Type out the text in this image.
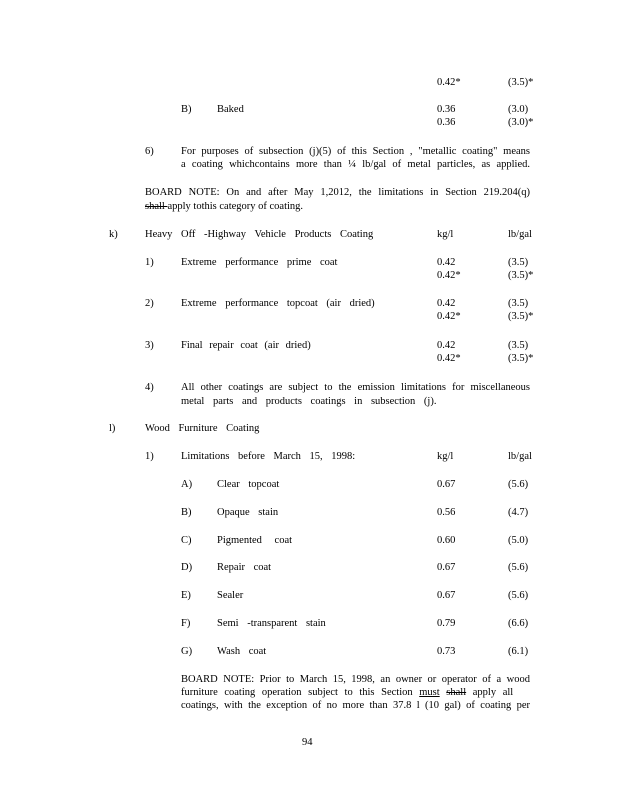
0.42*	(3.5)*
B) Baked	0.36	(3.0)
0.36	(3.0)*
6)	For purposes of subsection (j)(5) of this Section , "metallic coating" means
a coating whichcontains more than ¼ lb/gal of metal particles, as applied.
BOARD NOTE: On and after May 1,2012, the limitations in Section 219.204(q)
shall apply tothis category of coating.
k)	Heavy Off -Highway Vehicle Products Coating	kg/l	lb/gal
1)	Extreme performance prime coat	0.42	(3.5)
0.42*	(3.5)*
2)	Extreme performance topcoat (air dried)	0.42	(3.5)
0.42*	(3.5)*
3)	Final repair coat (air dried)	0.42	(3.5)
0.42*	(3.5)*
4)	All other coatings are subject to the emission limitations for miscellaneous
metal parts and products coatings in subsection (j).
l)	Wood Furniture Coating
1)	Limitations before March 15, 1998:	kg/l	lb/gal
A) Clear topcoat	0.67	(5.6)
B) Opaque stain	0.56	(4.7)
C) Pigmented coat	0.60	(5.0)
D) Repair coat	0.67	(5.6)
E) Sealer	0.67	(5.6)
F)	Semi -transparent stain	0.79	(6.6)
G) Wash coat	0.73	(6.1)
BOARD NOTE: Prior to March 15, 1998, an owner or operator of a wood
furniture coating operation subject to this Section must shall apply all
coatings, with the exception of no more than 37.8 l (10 gal) of coating per
94
